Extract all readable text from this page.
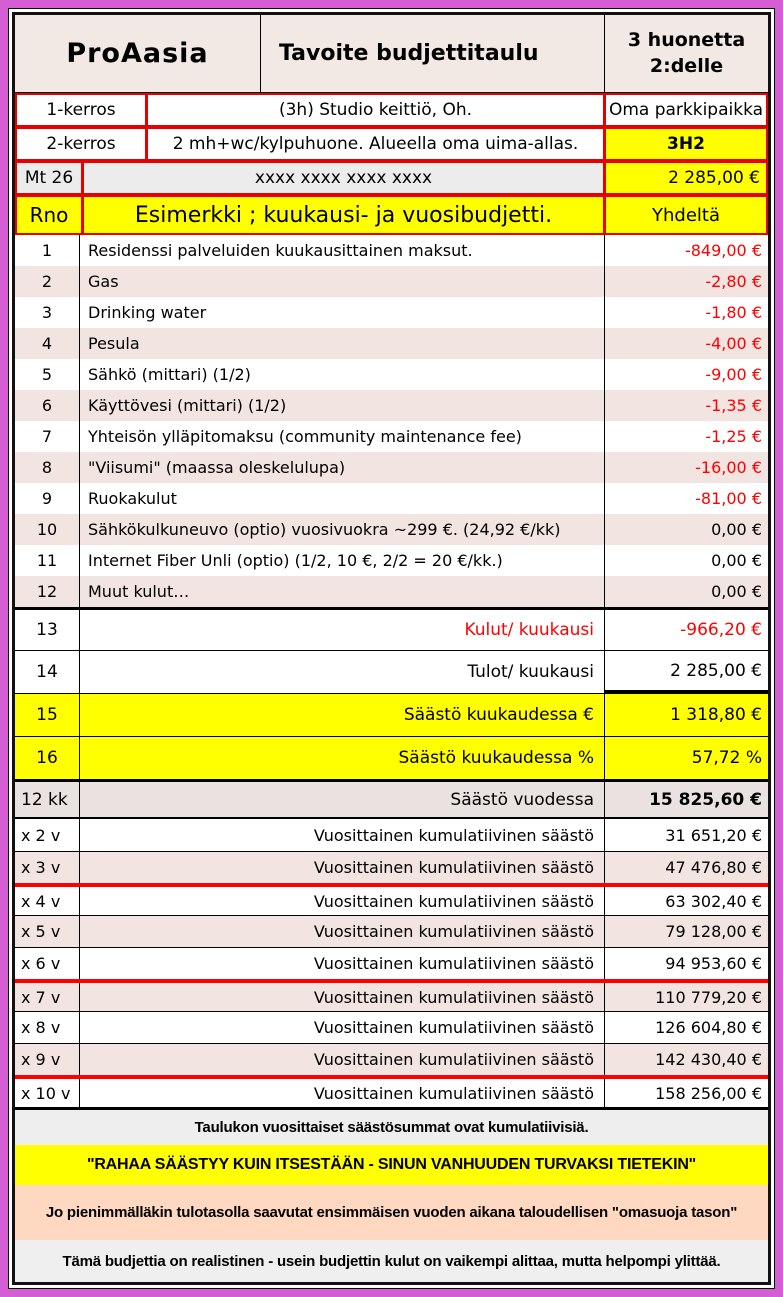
ProAasia	Tavoite budjettitaulu
3 huonetta
2:delle
1-kerros	(3h) Studio keittiö, Oh.	Oma parkkipaikka
2-kerros	2 mh+wc/kylpuhuone. Alueella oma uima-allas.	3H2
Mt 26	xxxx xxxx xxxx xxxx	2 285,00 €
Rno	Esimerkki ; kuukausi- ja vuosibudjetti.	Yhdeltä
1	Residenssi palveluiden kuukausittainen maksut.	-849,00 €
2	Gas	-2,80 €
3	Drinking water	-1,80 €
4	Pesula	-4,00 €
5	Sähkö (mittari) (1/2)	-9,00 €
6	Käyttövesi (mittari) (1/2)	-1,35 €
7	Yhteisön ylläpitomaksu (community maintenance fee)	-1,25 €
8	"Viisumi" (maassa oleskelulupa)	-16,00 €
9	Ruokakulut	-81,00 €
10	Sähkökulkuneuvo (optio) vuosivuokra ~299 €. (24,92 €/kk)	0,00 €
11	Internet Fiber Unli (optio) (1/2, 10 €, 2/2 = 20 €/kk.)	0,00 €
12	Muut kulut…	0,00 €
13	Kulut/ kuukausi	-966,20 €
14	Tulot/ kuukausi	2 285,00 €
15	Säästö kuukaudessa €	1 318,80 €
16	Säästö kuukaudessa %	57,72 %
12 kk	Säästö vuodessa	15 825,60 €
x 2 v	Vuosittainen kumulatiivinen säästö	31 651,20 €
x 3 v	Vuosittainen kumulatiivinen säästö	47 476,80 €
x 4 v	Vuosittainen kumulatiivinen säästö	63 302,40 €
x 5 v	Vuosittainen kumulatiivinen säästö	79 128,00 €
x 6 v	Vuosittainen kumulatiivinen säästö	94 953,60 €
x 7 v	Vuosittainen kumulatiivinen säästö	110 779,20 €
x 8 v	Vuosittainen kumulatiivinen säästö	126 604,80 €
x 9 v	Vuosittainen kumulatiivinen säästö	142 430,40 €
x 10 v	Vuosittainen kumulatiivinen säästö	158 256,00 €
Taulukon vuosittaiset säästösummat ovat kumulatiivisiä.
"RAHAA SÄÄSTYY KUIN ITSESTÄÄN - SINUN VANHUUDEN TURVAKSI TIETEKIN"
Jo pienimmälläkin tulotasolla saavutat ensimmäisen vuoden aikana taloudellisen "omasuoja tason"
Tämä budjettia on realistinen - usein budjettin kulut on vaikempi alittaa, mutta helpompi ylittää.
